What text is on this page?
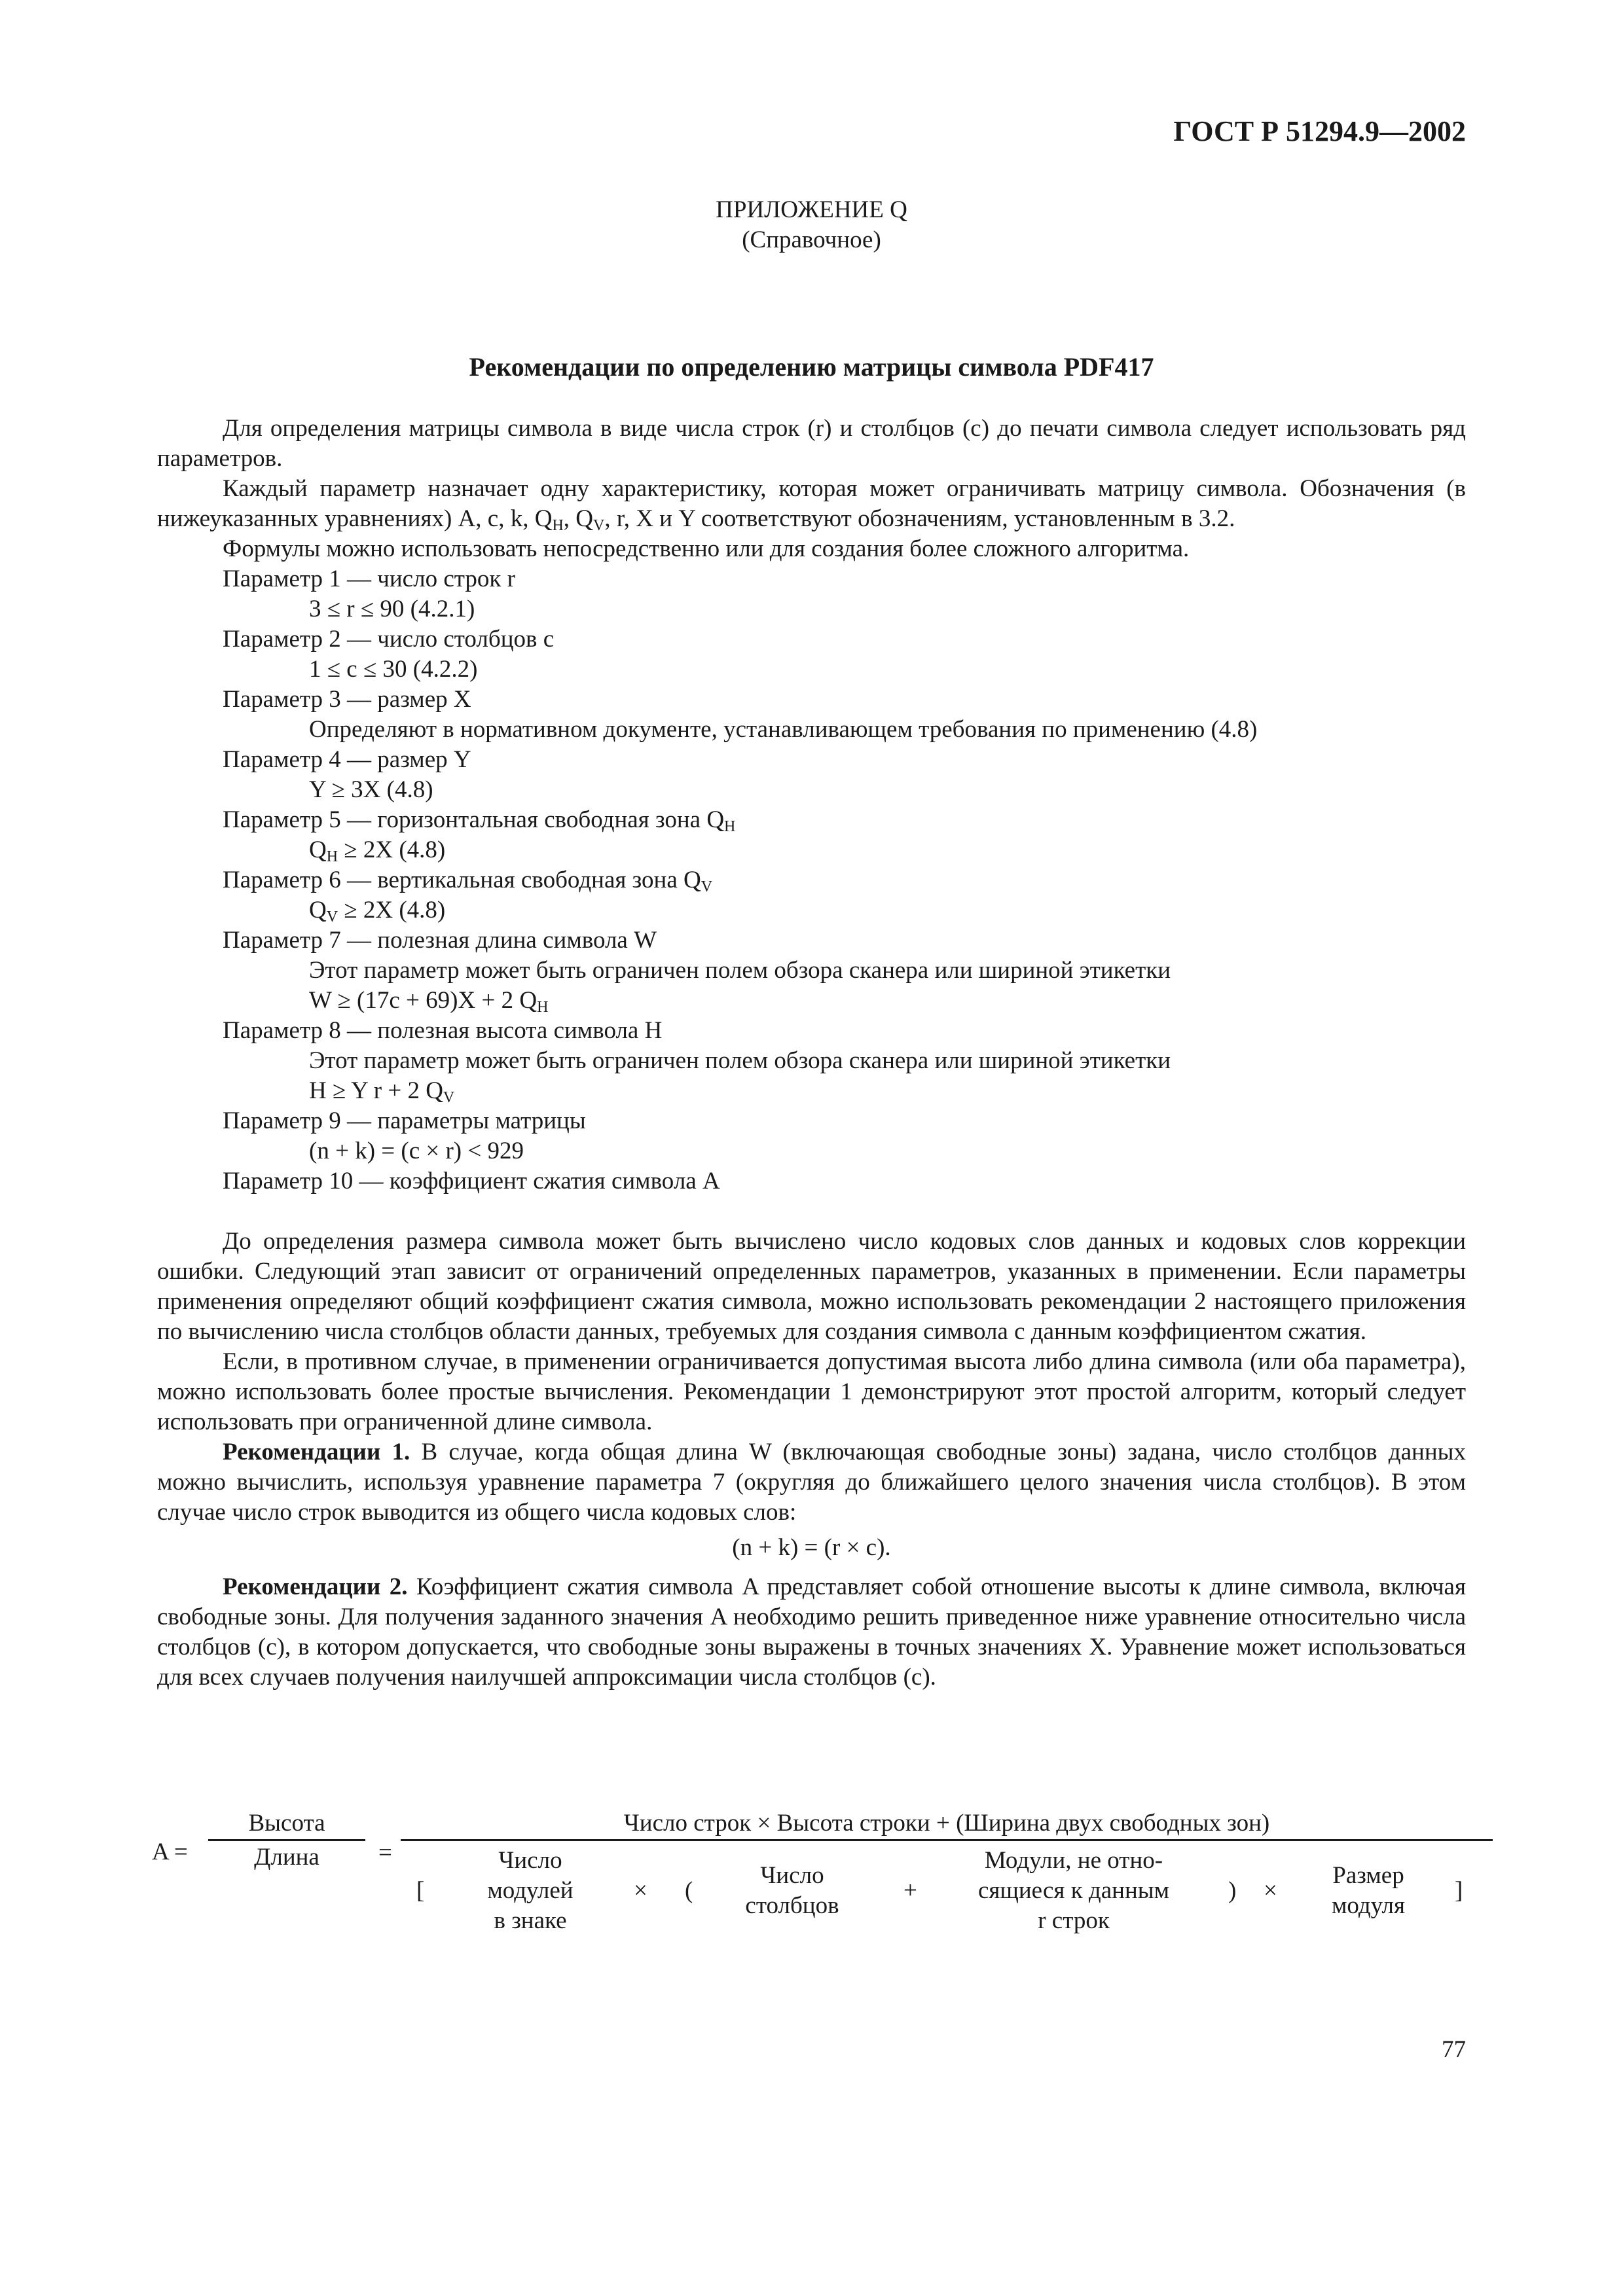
ГОСТ Р 51294.9—2002
ПРИЛОЖЕНИЕ Q
(Справочное)
Рекомендации по определению матрицы символа PDF417

Для определения матрицы символа в виде числа строк (r) и столбцов (c) до печати символа следует использовать ряд параметров.

Каждый параметр назначает одну характеристику, которая может ограничивать матрицу символа. Обозначения (в нижеуказанных уравнениях) A, c, k, $Q_H$, $Q_V$, r, X и Y соответствуют обозначениям, установленным в 3.2.

Формулы можно использовать непосредственно или для создания более сложного алгоритма.

Параметр 1 — число строк r

3 ≤ r ≤ 90 (4.2.1)

Параметр 2 — число столбцов c

1 ≤ c ≤ 30 (4.2.2)

Параметр 3 — размер X

Определяют в нормативном документе, устанавливающем требования по применению (4.8)

Параметр 4 — размер Y

Y ≥ 3X (4.8)

Параметр 5 — горизонтальная свободная зона $Q_H$

$Q_H \ge 2X$ (4.8)

Параметр 6 — вертикальная свободная зона $Q_V$

$Q_V \ge 2X$ (4.8)

Параметр 7 — полезная длина символа W

Этот параметр может быть ограничен полем обзора сканера или шириной этикетки

W ≥ (17c + 69)X + 2 $Q_H$

Параметр 8 — полезная высота символа H

Этот параметр может быть ограничен полем обзора сканера или шириной этикетки

H ≥ Y r + 2 $Q_V$

Параметр 9 — параметры матрицы

(n + k) = (c × r) < 929

Параметр 10 — коэффициент сжатия символа A

До определения размера символа может быть вычислено число кодовых слов данных и кодовых слов коррекции ошибки. Следующий этап зависит от ограничений определенных параметров, указанных в применении. Если параметры применения определяют общий коэффициент сжатия символа, можно использовать рекомендации 2 настоящего приложения по вычислению числа столбцов области данных, требуемых для создания символа с данным коэффициентом сжатия.

Если, в противном случае, в применении ограничивается допустимая высота либо длина символа (или оба параметра), можно использовать более простые вычисления. Рекомендации 1 демонстрируют этот простой алгоритм, который следует использовать при ограниченной длине символа.

Рекомендации 1. В случае, когда общая длина W (включающая свободные зоны) задана, число столбцов данных можно вычислить, используя уравнение параметра 7 (округляя до ближайшего целого значения числа столбцов). В этом случае число строк выводится из общего числа кодовых слов:

(n + k) = (r × c).

Рекомендации 2. Коэффициент сжатия символа A представляет собой отношение высоты к длине символа, включая свободные зоны. Для получения заданного значения A необходимо решить приведенное ниже уравнение относительно числа столбцов (c), в котором допускается, что свободные зоны выражены в точных значениях X. Уравнение может использоваться для всех случаев получения наилучшей аппроксимации числа столбцов (c).

A =
Высота
Длина	=
Число строк × Высота строки + (Ширина двух свободных зон)
[
Число
модулей
в знаке
× (
Число
столбцов
+
Модули, не отно-
сящиеся к данным
r строк
) ×
Размер
модуля
]
77
